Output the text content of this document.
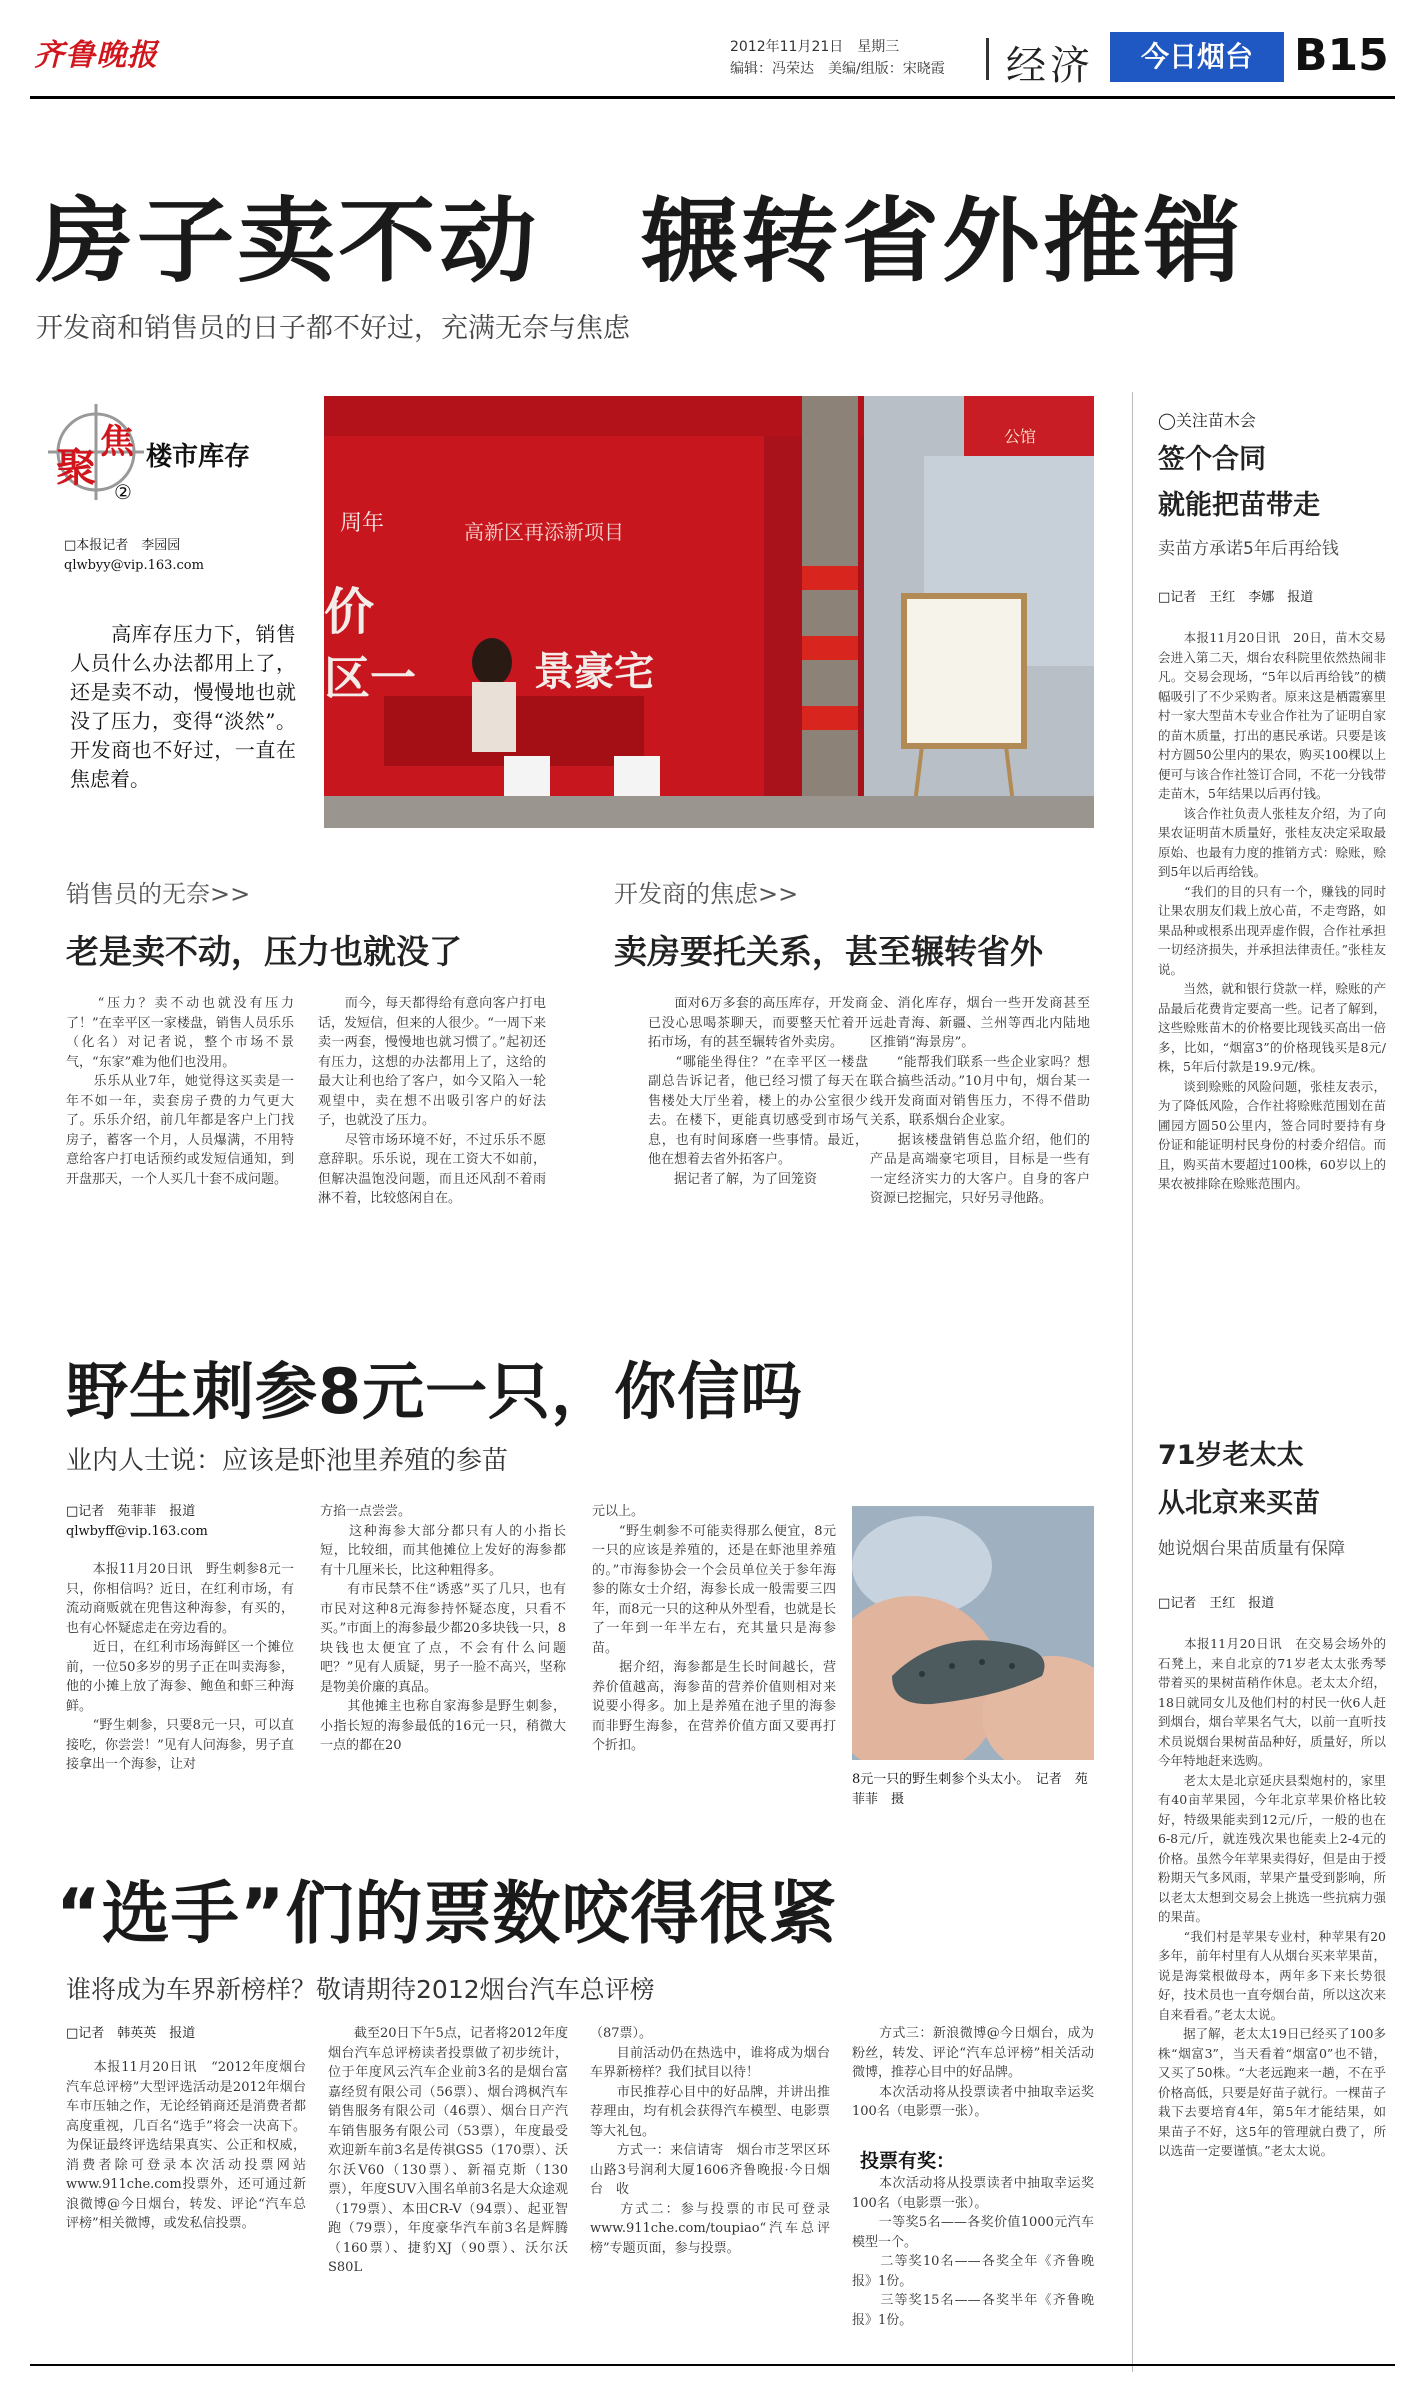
齐鲁晚报	2012年11月21日　星期三
编辑：冯荣达　美编/组版：宋晓霞 经济	今日烟台 B15
房子卖不动　辗转省外推销
开发商和销售员的日子都不好过，充满无奈与焦虑
聚
焦 楼市库存
②
□本报记者　李园园
qlwbyy@vip.163.com
　　高库存压力下，销售人员什么办法都用上了，还是卖不动，慢慢地也就没了压力，变得“淡然”。开发商也不好过，一直在焦虑着。
高新区再添新项目
价
区一	景豪宅
周年
公馆
销售员的无奈>>
老是卖不动，压力也就没了
　　“压力？卖不动也就没有压力了！”在幸平区一家楼盘，销售人员乐乐（化名）对记者说，整个市场不景气，“东家”难为他们也没用。
　　乐乐从业7年，她觉得这买卖是一年不如一年，卖套房子费的力气更大了。乐乐介绍，前几年都是客户上门找房子，蓄客一个月，人员爆满，不用特意给客户打电话预约或发短信通知，到开盘那天，一个人买几十套不成问题。
　　而今，每天都得给有意向客户打电话，发短信，但来的人很少。“一周下来卖一两套，慢慢地也就习惯了。”起初还有压力，这想的办法都用上了，这给的最大让利也给了客户，如今又陷入一轮观望中，卖在想不出吸引客户的好法子，也就没了压力。
　　尽管市场环境不好，不过乐乐不愿意辞职。乐乐说，现在工资大不如前，但解决温饱没问题，而且还风刮不着雨淋不着，比较悠闲自在。
开发商的焦虑>>
卖房要托关系，甚至辗转省外
　　面对6万多套的高压库存，开发商已没心思喝茶聊天，而要整天忙着开拓市场，有的甚至辗转省外卖房。
　　“哪能坐得住？”在幸平区一楼盘副总告诉记者，他已经习惯了每天在售楼处大厅坐着，楼上的办公室很少去。在楼下，更能真切感受到市场气息，也有时间琢磨一些事情。最近，他在想着去省外拓客户。
　　据记者了解，为了回笼资
金、消化库存，烟台一些开发商甚至远赴青海、新疆、兰州等西北内陆地区推销“海景房”。
　　“能帮我们联系一些企业家吗？想联合搞些活动。”10月中旬，烟台某一线开发商面对销售压力，不得不借助关系，联系烟台企业家。
　　据该楼盘销售总监介绍，他们的产品是高端豪宅项目，目标是一些有一定经济实力的大客户。自身的客户资源已挖掘完，只好另寻他路。
野生刺参8元一只，你信吗
业内人士说：应该是虾池里养殖的参苗
□记者　苑菲菲　报道
qlwbyff@vip.163.com
　　本报11月20日讯　野生刺参8元一只，你相信吗？近日，在红利市场，有流动商贩就在兜售这种海参，有买的，也有心怀疑虑走在旁边看的。
　　近日，在红利市场海鲜区一个摊位前，一位50多岁的男子正在叫卖海参，他的小摊上放了海参、鲍鱼和虾三种海鲜。
　　“野生刺参，只要8元一只，可以直接吃，你尝尝！”见有人问海参，男子直接拿出一个海参，让对
方掐一点尝尝。
　　这种海参大部分都只有人的小指长短，比较细，而其他摊位上发好的海参都有十几厘米长，比这种粗得多。
　　有市民禁不住“诱惑”买了几只，也有市民对这种8元海参持怀疑态度，只看不买。”市面上的海参最少都20多块钱一只，8块钱也太便宜了点，不会有什么问题吧？”见有人质疑，男子一脸不高兴，坚称是物美价廉的真品。
　　其他摊主也称自家海参是野生刺参，小指长短的海参最低的16元一只，稍微大一点的都在20
元以上。
　　“野生刺参不可能卖得那么便宜，8元一只的应该是养殖的，还是在虾池里养殖的。”市海参协会一个会员单位关于参年海参的陈女士介绍，海参长成一般需要三四年，而8元一只的这种从外型看，也就是长了一年到一年半左右，充其量只是海参苗。
　　据介绍，海参都是生长时间越长，营养价值越高，海参苗的营养价值则相对来说要小得多。加上是养殖在池子里的海参而非野生海参，在营养价值方面又要再打个折扣。
8元一只的野生刺参个头太小。　记者　苑菲菲　摄
“选手”们的票数咬得很紧
谁将成为车界新榜样？敬请期待2012烟台汽车总评榜
□记者　韩英英　报道
　　本报11月20日讯　“2012年度烟台汽车总评榜”大型评选活动是2012年烟台车市压轴之作，无论经销商还是消费者都高度重视，几百名“选手”将会一决高下。为保证最终评选结果真实、公正和权威，消费者除可登录本次活动投票网站www.911che.com投票外，还可通过新浪微博@今日烟台，转发、评论“汽车总评榜”相关微博，或发私信投票。
　　截至20日下午5点，记者将2012年度烟台汽车总评榜读者投票做了初步统计，位于年度风云汽车企业前3名的是烟台富嘉经贸有限公司（56票）、烟台鸿枫汽车销售服务有限公司（46票）、烟台日产汽车销售服务有限公司（53票），年度最受欢迎新车前3名是传祺GS5（170票）、沃尔沃V60（130票）、新福克斯（130票），年度SUV入围名单前3名是大众途观（179票）、本田CR-V（94票）、起亚智跑（79票），年度豪华汽车前3名是辉腾（160票）、捷豹XJ（90票）、沃尔沃S80L
（87票）。
　　目前活动仍在热选中，谁将成为烟台车界新榜样？我们拭目以待！
　　市民推荐心目中的好品牌，并讲出推荐理由，均有机会获得汽车模型、电影票等大礼包。
　　方式一：来信请寄　烟台市芝罘区环山路3号润利大厦1606齐鲁晚报·今日烟台　收
　　方式二：参与投票的市民可登录www.911che.com/toupiao“汽车总评榜”专题页面，参与投票。
　　方式三：新浪微博@今日烟台，成为粉丝，转发、评论“汽车总评榜”相关活动微博，推荐心目中的好品牌。
　　本次活动将从投票读者中抽取幸运奖100名（电影票一张）。
投票有奖：
　　本次活动将从投票读者中抽取幸运奖100名（电影票一张）。
　　一等奖5名——各奖价值1000元汽车模型一个。
　　二等奖10名——各奖全年《齐鲁晚报》1份。
　　三等奖15名——各奖半年《齐鲁晚报》1份。
◯关注苗木会
签个合同
就能把苗带走
卖苗方承诺5年后再给钱
□记者　王红　李娜　报道
　　本报11月20日讯　20日，苗木交易会进入第二天，烟台农科院里依然热闹非凡。交易会现场，“5年以后再给钱”的横幅吸引了不少采购者。原来这是栖霞寨里村一家大型苗木专业合作社为了证明自家的苗木质量，打出的惠民承诺。只要是该村方圆50公里内的果农，购买100棵以上便可与该合作社签订合同，不花一分钱带走苗木，5年结果以后再付钱。
　　该合作社负责人张桂友介绍，为了向果农证明苗木质量好，张桂友决定采取最原始、也最有力度的推销方式：赊账，赊到5年以后再给钱。
　　“我们的目的只有一个，赚钱的同时让果农朋友们栽上放心苗，不走弯路，如果品种或根系出现弄虚作假，合作社承担一切经济损失，并承担法律责任。”张桂友说。
　　当然，就和银行贷款一样，赊账的产品最后花费肯定要高一些。记者了解到，这些赊账苗木的价格要比现钱买高出一倍多，比如，“烟富3”的价格现钱买是8元/株，5年后付款是19.9元/株。
　　谈到赊账的风险问题，张桂友表示，为了降低风险，合作社将赊账范围划在苗圃园方圆50公里内，签合同时要持有身份证和能证明村民身份的村委介绍信。而且，购买苗木要超过100株，60岁以上的果农被排除在赊账范围内。
71岁老太太
从北京来买苗
她说烟台果苗质量有保障
□记者　王红　报道
　　本报11月20日讯　在交易会场外的石凳上，来自北京的71岁老太太张秀琴带着买的果树苗稍作休息。老太太介绍，18日就同女儿及他们村的村民一伙6人赶到烟台，烟台苹果名气大，以前一直听技术员说烟台果树苗品种好，质量好，所以今年特地赶来选购。
　　老太太是北京延庆县梨炮村的，家里有40亩苹果园，今年北京苹果价格比较好，特级果能卖到12元/斤，一般的也在6-8元/斤，就连残次果也能卖上2-4元的价格。虽然今年苹果卖得好，但是由于授粉期天气多风雨，苹果产量受到影响，所以老太太想到交易会上挑选一些抗病力强的果苗。
　　“我们村是苹果专业村，种苹果有20多年，前年村里有人从烟台买来苹果苗，说是海棠根做母本，两年多下来长势很好，技术员也一直夸烟台苗，所以这次来自来看看。”老太太说。
　　据了解，老太太19日已经买了100多株“烟富3”，当天看着“烟富0”也不错，又买了50株。“大老远跑来一趟，不在乎价格高低，只要是好苗子就行。一棵苗子栽下去要培育4年，第5年才能结果，如果苗子不好，这5年的管理就白费了，所以选苗一定要谨慎。”老太太说。
